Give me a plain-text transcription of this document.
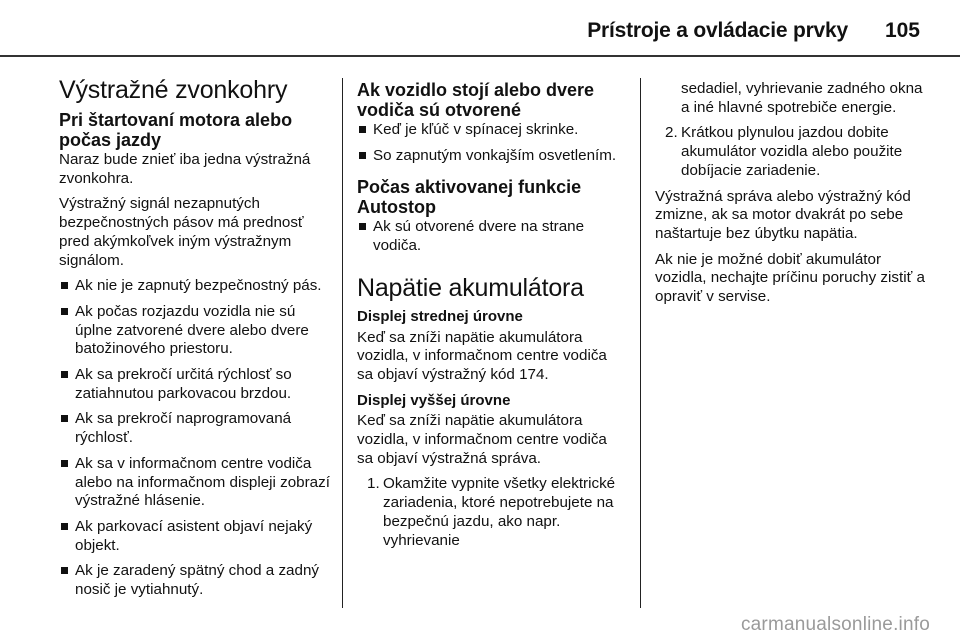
Prístroje a ovládacie prvky 105
Výstražné zvonkohry
Pri štartovaní motora alebo počas jazdy

Naraz bude znieť iba jedna výstražná zvonkohra.

Výstražný signál nezapnutých bezpečnostných pásov má prednosť pred akýmkoľvek iným výstražnym signálom.

Ak nie je zapnutý bezpečnostný pás.
Ak počas rozjazdu vozidla nie sú úplne zatvorené dvere alebo dvere batožinového priestoru.
Ak sa prekročí určitá rýchlosť so zatiahnutou parkovacou brzdou.
Ak sa prekročí naprogramovaná rýchlosť.
Ak sa v informačnom centre vodiča alebo na informačnom displeji zobrazí výstražné hlásenie.
Ak parkovací asistent objaví nejaký objekt.
Ak je zaradený spätný chod a zadný nosič je vytiahnutý.
Ak vozidlo stojí alebo dvere vodiča sú otvorené
Keď je kľúč v spínacej skrinke.
So zapnutým vonkajším osvetlením.
Počas aktivovanej funkcie Autostop
Ak sú otvorené dvere na strane vodiča.
Napätie akumulátora
Displej strednej úrovne

Keď sa zníži napätie akumulátora vozidla, v informačnom centre vodiča sa objaví výstražný kód 174.

Displej vyššej úrovne

Keď sa zníži napätie akumulátora vozidla, v informačnom centre vodiča sa objaví výstražná správa.

1. Okamžite vypnite všetky elektrické zariadenia, ktoré nepotrebujete na bezpečnú jazdu, ako napr. vyhrievanie
sedadiel, vyhrievanie zadného okna a iné hlavné spotrebiče energie.
2. Krátkou plynulou jazdou dobite akumulátor vozidla alebo použite dobíjacie zariadenie.

Výstražná správa alebo výstražný kód zmizne, ak sa motor dvakrát po sebe naštartuje bez úbytku napätia.

Ak nie je možné dobiť akumulátor vozidla, nechajte príčinu poruchy zistiť a opraviť v servise.

carmanualsonline.info
